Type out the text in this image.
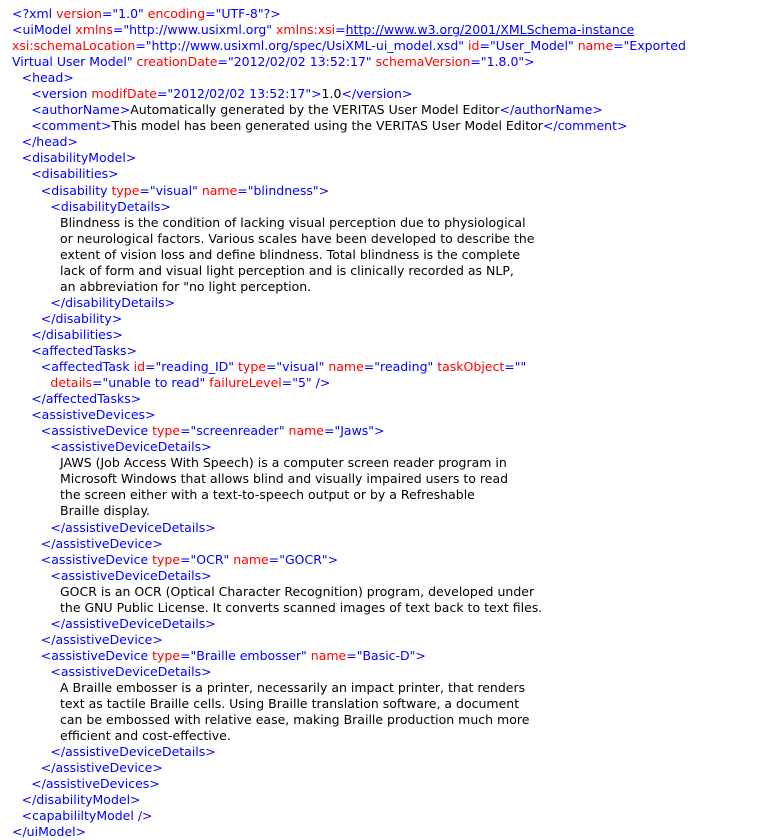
<?xml version="1.0" encoding="UTF-8"?>
<uiModel xmlns="http://www.usixml.org" xmlns:xsi=http://www.w3.org/2001/XMLSchema-instance
xsi:schemaLocation="http://www.usixml.org/spec/UsiXML-ui_model.xsd" id="User_Model" name="Exported
Virtual User Model" creationDate="2012/02/02 13:52:17" schemaVersion="1.8.0">
<head>
<version modifDate="2012/02/02 13:52:17">1.0</version>
<authorName>Automatically generated by the VERITAS User Model Editor</authorName>
<comment>This model has been generated using the VERITAS User Model Editor</comment>
</head>
<disabilityModel>
<disabilities>
<disability type="visual" name="blindness">
<disabilityDetails>
Blindness is the condition of lacking visual perception due to physiological
or neurological factors. Various scales have been developed to describe the
extent of vision loss and define blindness. Total blindness is the complete
lack of form and visual light perception and is clinically recorded as NLP,
an abbreviation for "no light perception.
</disabilityDetails>
</disability>
</disabilities>
<affectedTasks>
<affectedTask id="reading_ID" type="visual" name="reading" taskObject=""
details="unable to read" failureLevel="5" />
</affectedTasks>
<assistiveDevices>
<assistiveDevice type="screenreader" name="Jaws">
<assistiveDeviceDetails>
JAWS (Job Access With Speech) is a computer screen reader program in
Microsoft Windows that allows blind and visually impaired users to read
the screen either with a text-to-speech output or by a Refreshable
Braille display.
</assistiveDeviceDetails>
</assistiveDevice>
<assistiveDevice type="OCR" name="GOCR">
<assistiveDeviceDetails>
GOCR is an OCR (Optical Character Recognition) program, developed under
the GNU Public License. It converts scanned images of text back to text files.
</assistiveDeviceDetails>
</assistiveDevice>
<assistiveDevice type="Braille embosser" name="Basic-D">
<assistiveDeviceDetails>
A Braille embosser is a printer, necessarily an impact printer, that renders
text as tactile Braille cells. Using Braille translation software, a document
can be embossed with relative ease, making Braille production much more
efficient and cost-effective.
</assistiveDeviceDetails>
</assistiveDevice>
</assistiveDevices>
</disabilityModel>
<capabililtyModel />
</uiModel>
